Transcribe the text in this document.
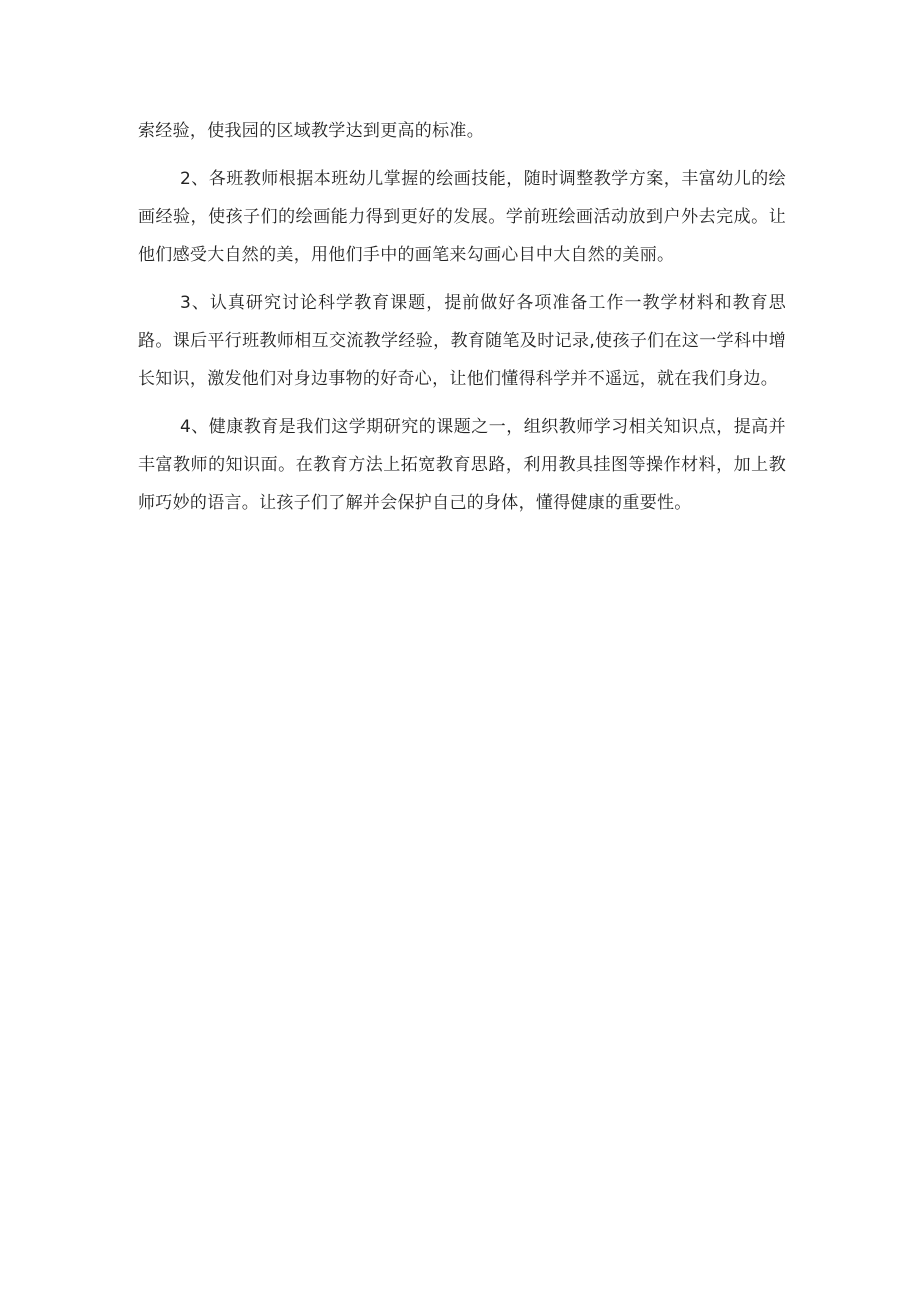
索经验，使我园的区域教学达到更高的标准。

2、各班教师根据本班幼儿掌握的绘画技能，随时调整教学方案，丰富幼儿的绘画经验，使孩子们的绘画能力得到更好的发展。学前班绘画活动放到户外去完成。让他们感受大自然的美，用他们手中的画笔来勾画心目中大自然的美丽。

3、认真研究讨论科学教育课题，提前做好各项准备工作一教学材料和教育思路。课后平行班教师相互交流教学经验，教育随笔及时记录,使孩子们在这一学科中增长知识，激发他们对身边事物的好奇心，让他们懂得科学并不遥远，就在我们身边。

4、健康教育是我们这学期研究的课题之一，组织教师学习相关知识点，提高并丰富教师的知识面。在教育方法上拓宽教育思路，利用教具挂图等操作材料，加上教师巧妙的语言。让孩子们了解并会保护自己的身体，懂得健康的重要性。
